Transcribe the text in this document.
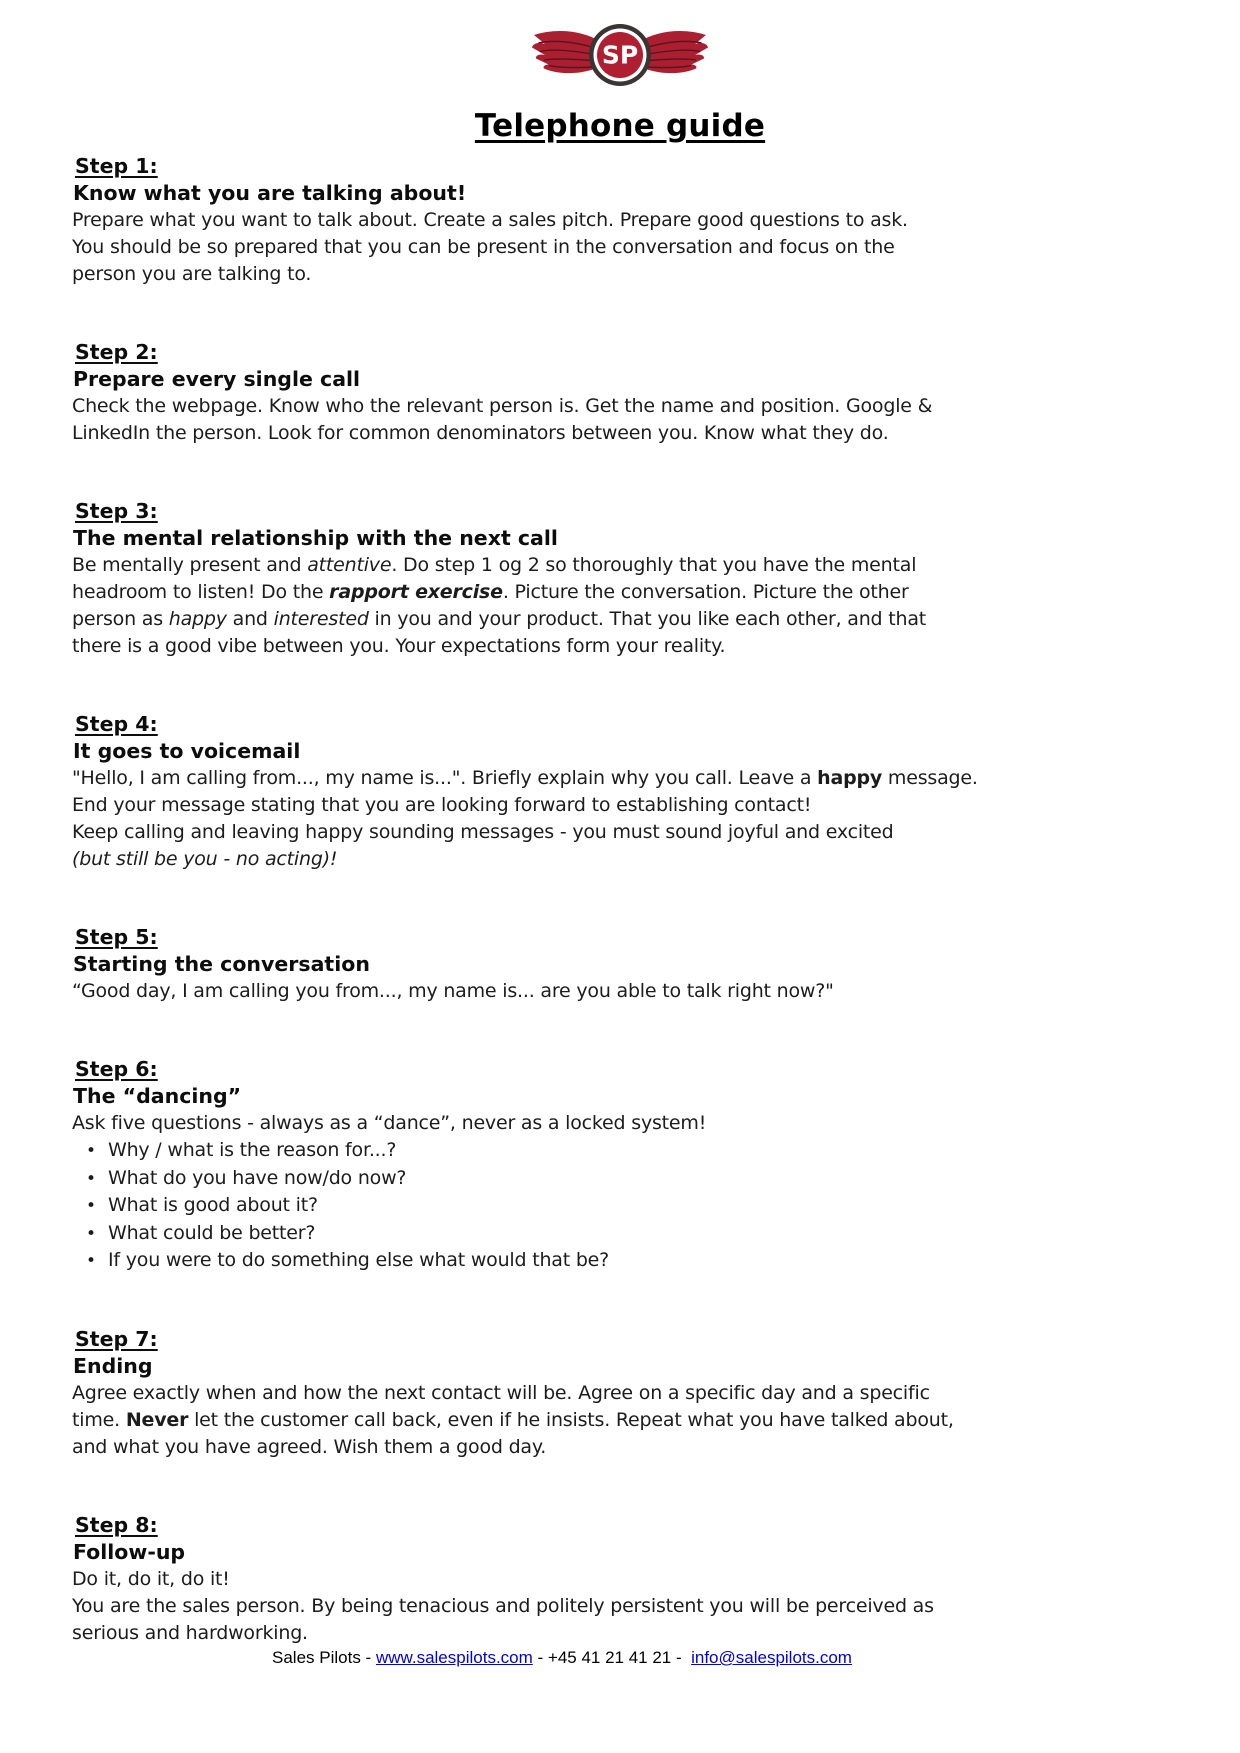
SP
Telephone guide
Step 1:
Know what you are talking about!
Prepare what you want to talk about. Create a sales pitch. Prepare good questions to ask.
You should be so prepared that you can be present in the conversation and focus on the
person you are talking to.
Step 2:
Prepare every single call
Check the webpage. Know who the relevant person is. Get the name and position. Google &
LinkedIn the person. Look for common denominators between you. Know what they do.
Step 3:
The mental relationship with the next call
Be mentally present and attentive. Do step 1 og 2 so thoroughly that you have the mental
headroom to listen! Do the rapport exercise. Picture the conversation. Picture the other
person as happy and interested in you and your product. That you like each other, and that
there is a good vibe between you. Your expectations form your reality.
Step 4:
It goes to voicemail
"Hello, I am calling from..., my name is...". Briefly explain why you call. Leave a happy message.
End your message stating that you are looking forward to establishing contact!
Keep calling and leaving happy sounding messages - you must sound joyful and excited
(but still be you - no acting)!
Step 5:
Starting the conversation
“Good day, I am calling you from..., my name is... are you able to talk right now?"
Step 6:
The “dancing”
Ask five questions - always as a “dance”, never as a locked system!
• Why / what is the reason for...?
• What do you have now/do now?
• What is good about it?
• What could be better?
• If you were to do something else what would that be?
Step 7:
Ending
Agree exactly when and how the next contact will be. Agree on a specific day and a specific
time. Never let the customer call back, even if he insists. Repeat what you have talked about,
and what you have agreed. Wish them a good day.
Step 8:
Follow-up
Do it, do it, do it!
You are the sales person. By being tenacious and politely persistent you will be perceived as
serious and hardworking.
Sales Pilots - www.salespilots.com - +45 41 21 41 21 -  info@salespilots.com
